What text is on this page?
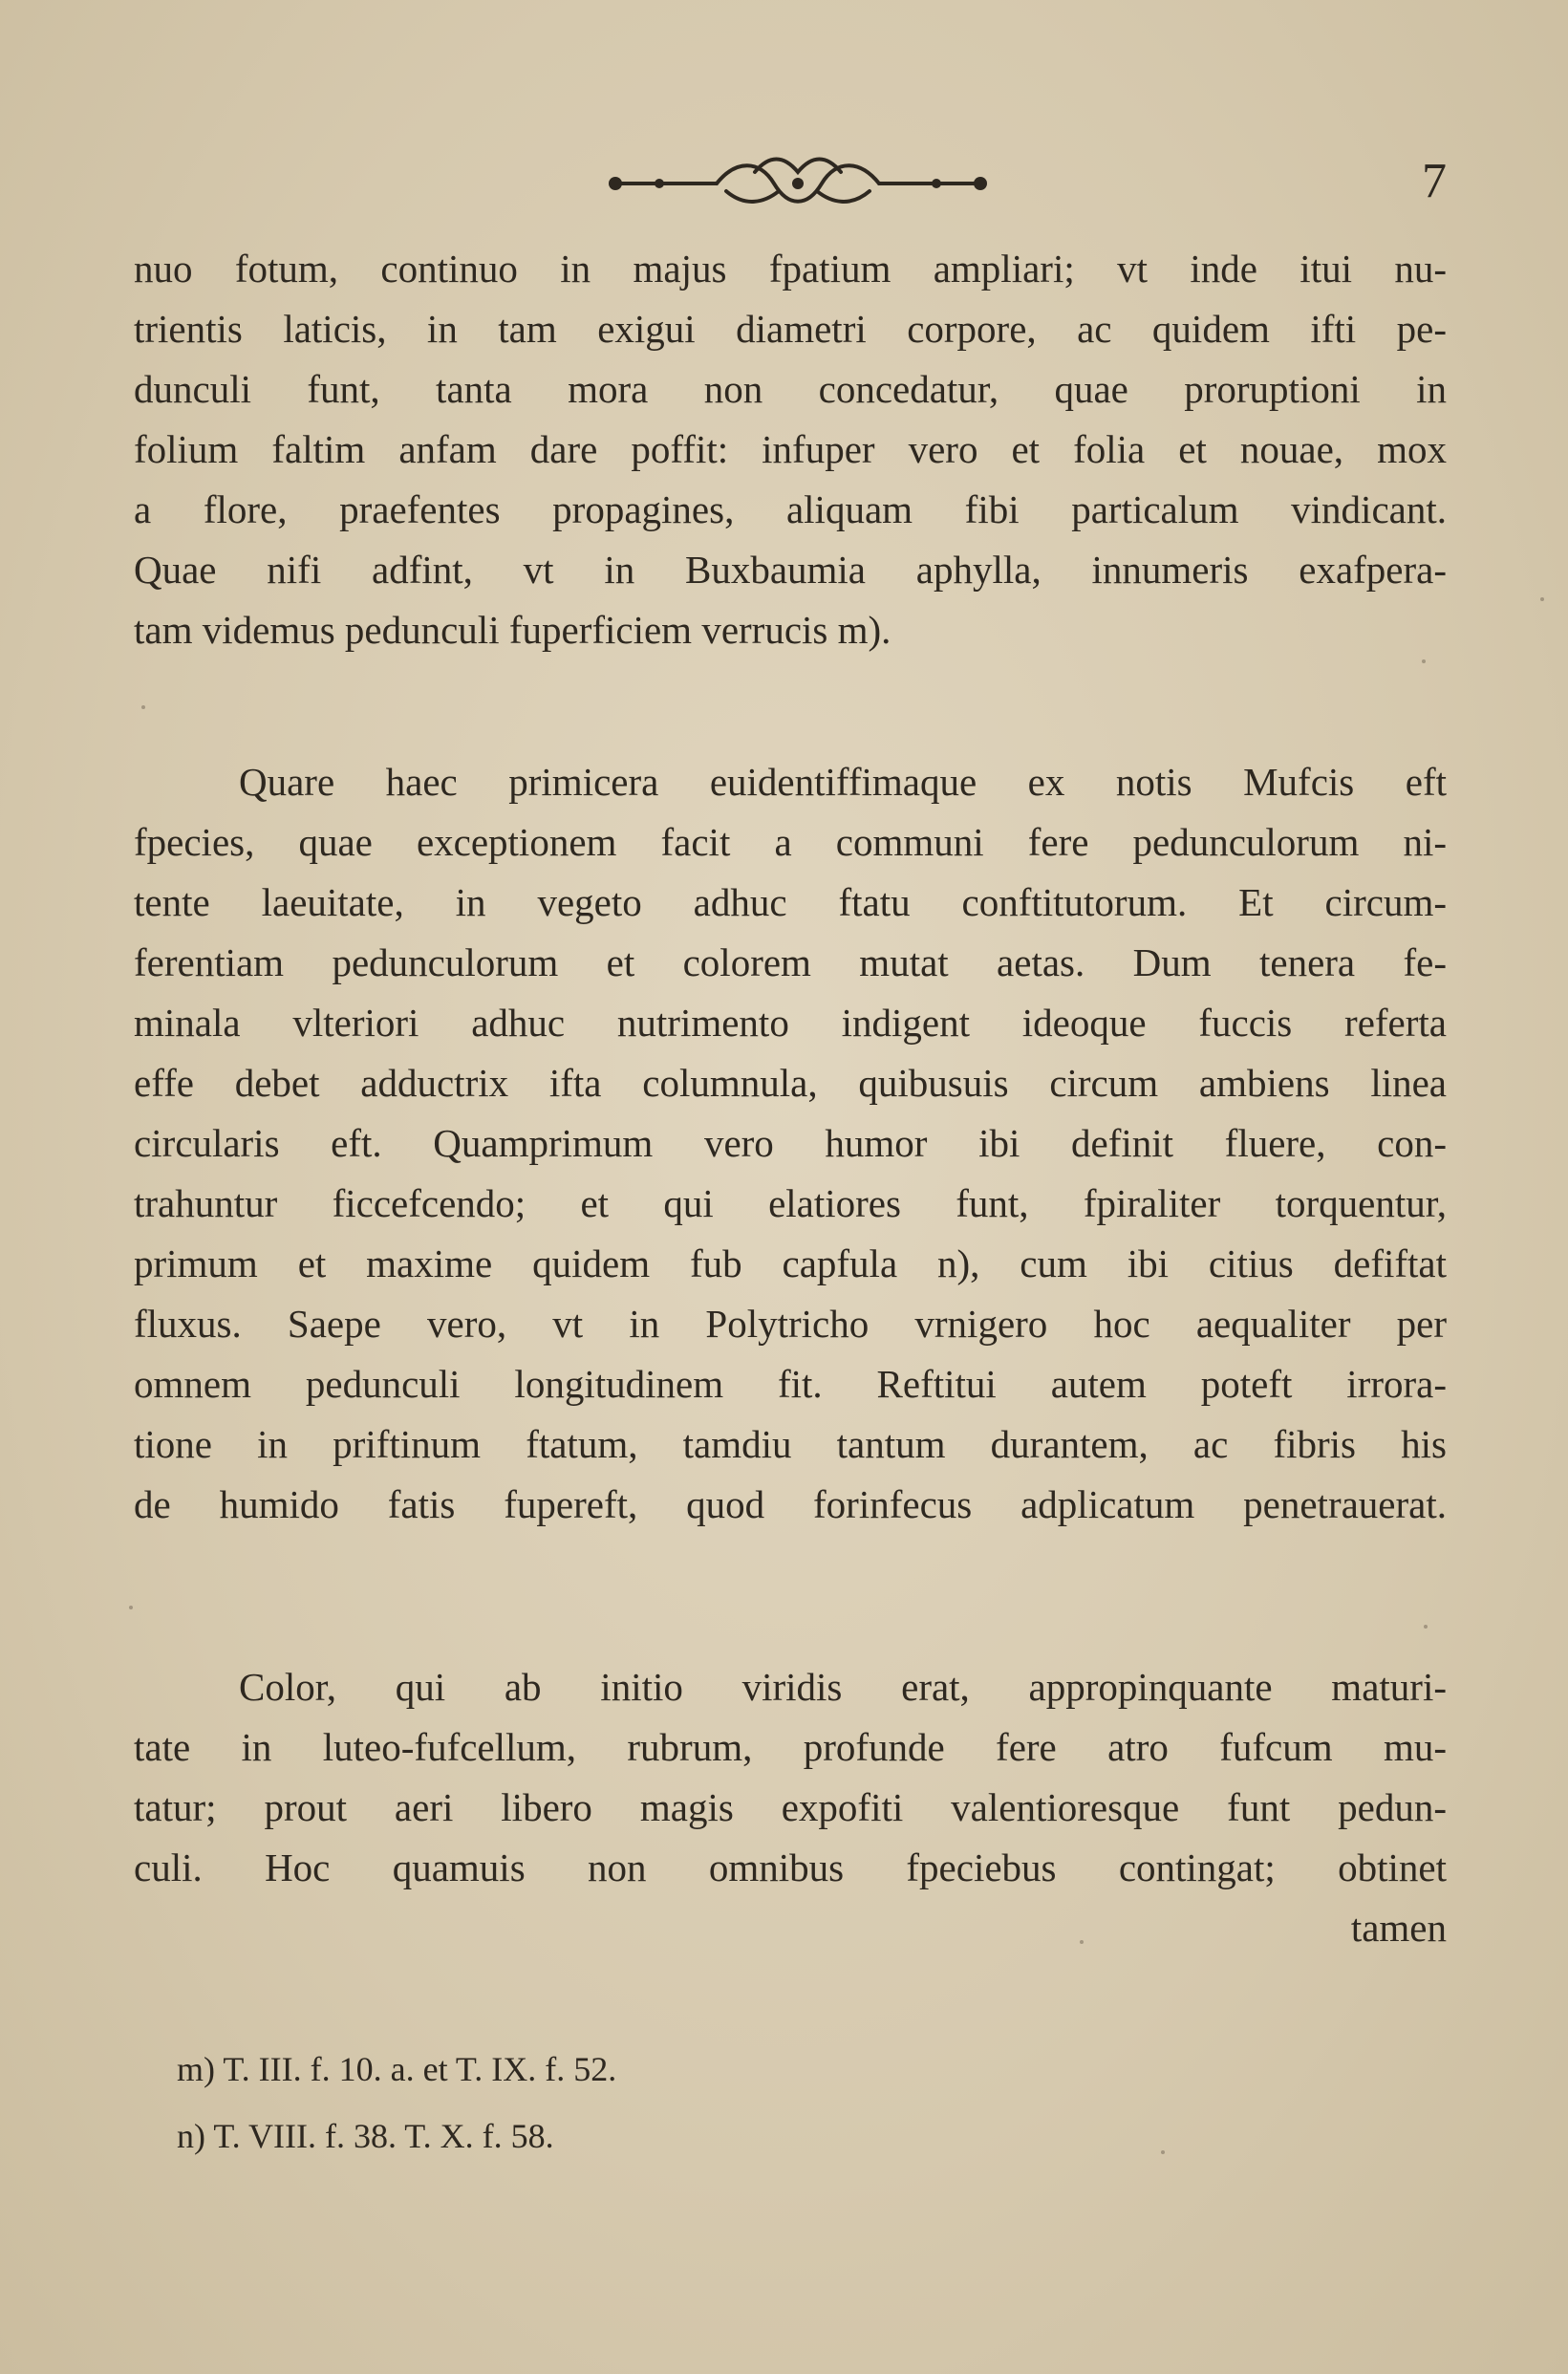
7
nuo fotum, continuo in majus fpatium ampliari; vt inde itui nu-
trientis laticis, in tam exigui diametri corpore, ac quidem ifti pe-
dunculi funt, tanta mora non concedatur, quae proruptioni in
folium faltim anfam dare poffit: infuper vero et folia et nouae, mox
a flore, praefentes propagines, aliquam fibi particalum vindicant.
Quae nifi adfint, vt in Buxbaumia aphylla, innumeris exafpera-
tam videmus pedunculi fuperficiem verrucis m).
Quare haec primicera euidentiffimaque ex notis Mufcis eft
fpecies, quae exceptionem facit a communi fere pedunculorum ni-
tente laeuitate, in vegeto adhuc ftatu conftitutorum. Et circum-
ferentiam pedunculorum et colorem mutat aetas. Dum tenera fe-
minala vlteriori adhuc nutrimento indigent ideoque fuccis referta
effe debet adductrix ifta columnula, quibusuis circum ambiens linea
circularis eft. Quamprimum vero humor ibi definit fluere, con-
trahuntur ficcefcendo; et qui elatiores funt, fpiraliter torquentur,
primum et maxime quidem fub capfula n), cum ibi citius defiftat
fluxus. Saepe vero, vt in Polytricho vrnigero hoc aequaliter per
omnem pedunculi longitudinem fit. Reftitui autem poteft irrora-
tione in priftinum ftatum, tamdiu tantum durantem, ac fibris his
de humido fatis fupereft, quod forinfecus adplicatum penetrauerat.
Color, qui ab initio viridis erat, appropinquante maturi-
tate in luteo-fufcellum, rubrum, profunde fere atro fufcum mu-
tatur; prout aeri libero magis expofiti valentioresque funt pedun-
culi. Hoc quamuis non omnibus fpeciebus contingat; obtinet
tamen
m) T. III. f. 10. a. et T. IX. f. 52.
n) T. VIII. f. 38. T. X. f. 58.
